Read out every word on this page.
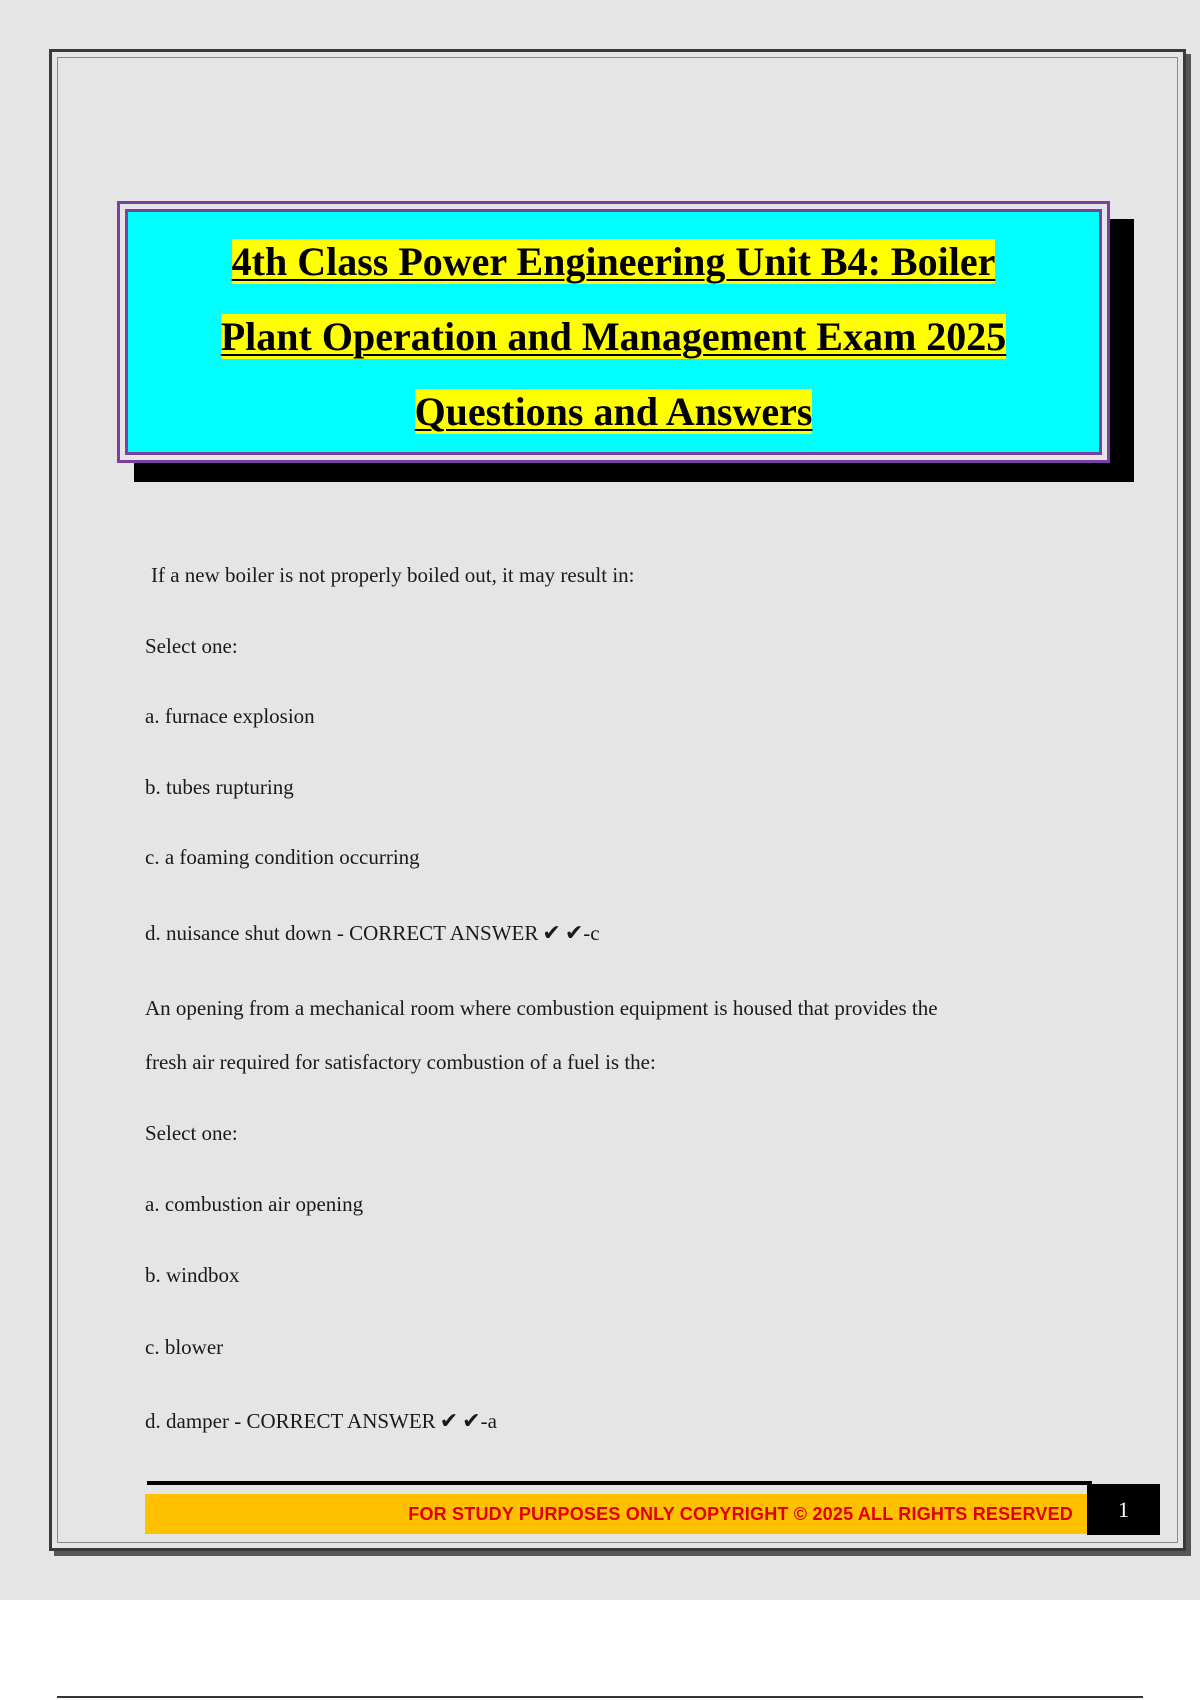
4th Class Power Engineering Unit B4: Boiler
Plant Operation and Management Exam 2025
Questions and Answers
If a new boiler is not properly boiled out, it may result in:
Select one:
a. furnace explosion
b. tubes rupturing
c. a foaming condition occurring
d. nuisance shut down - CORRECT ANSWER ✔ ✔-c
An opening from a mechanical room where combustion equipment is housed that provides the
fresh air required for satisfactory combustion of a fuel is the:
Select one:
a. combustion air opening
b. windbox
c. blower
d. damper - CORRECT ANSWER ✔ ✔-a
FOR STUDY PURPOSES ONLY COPYRIGHT © 2025 ALL RIGHTS RESERVED	1
